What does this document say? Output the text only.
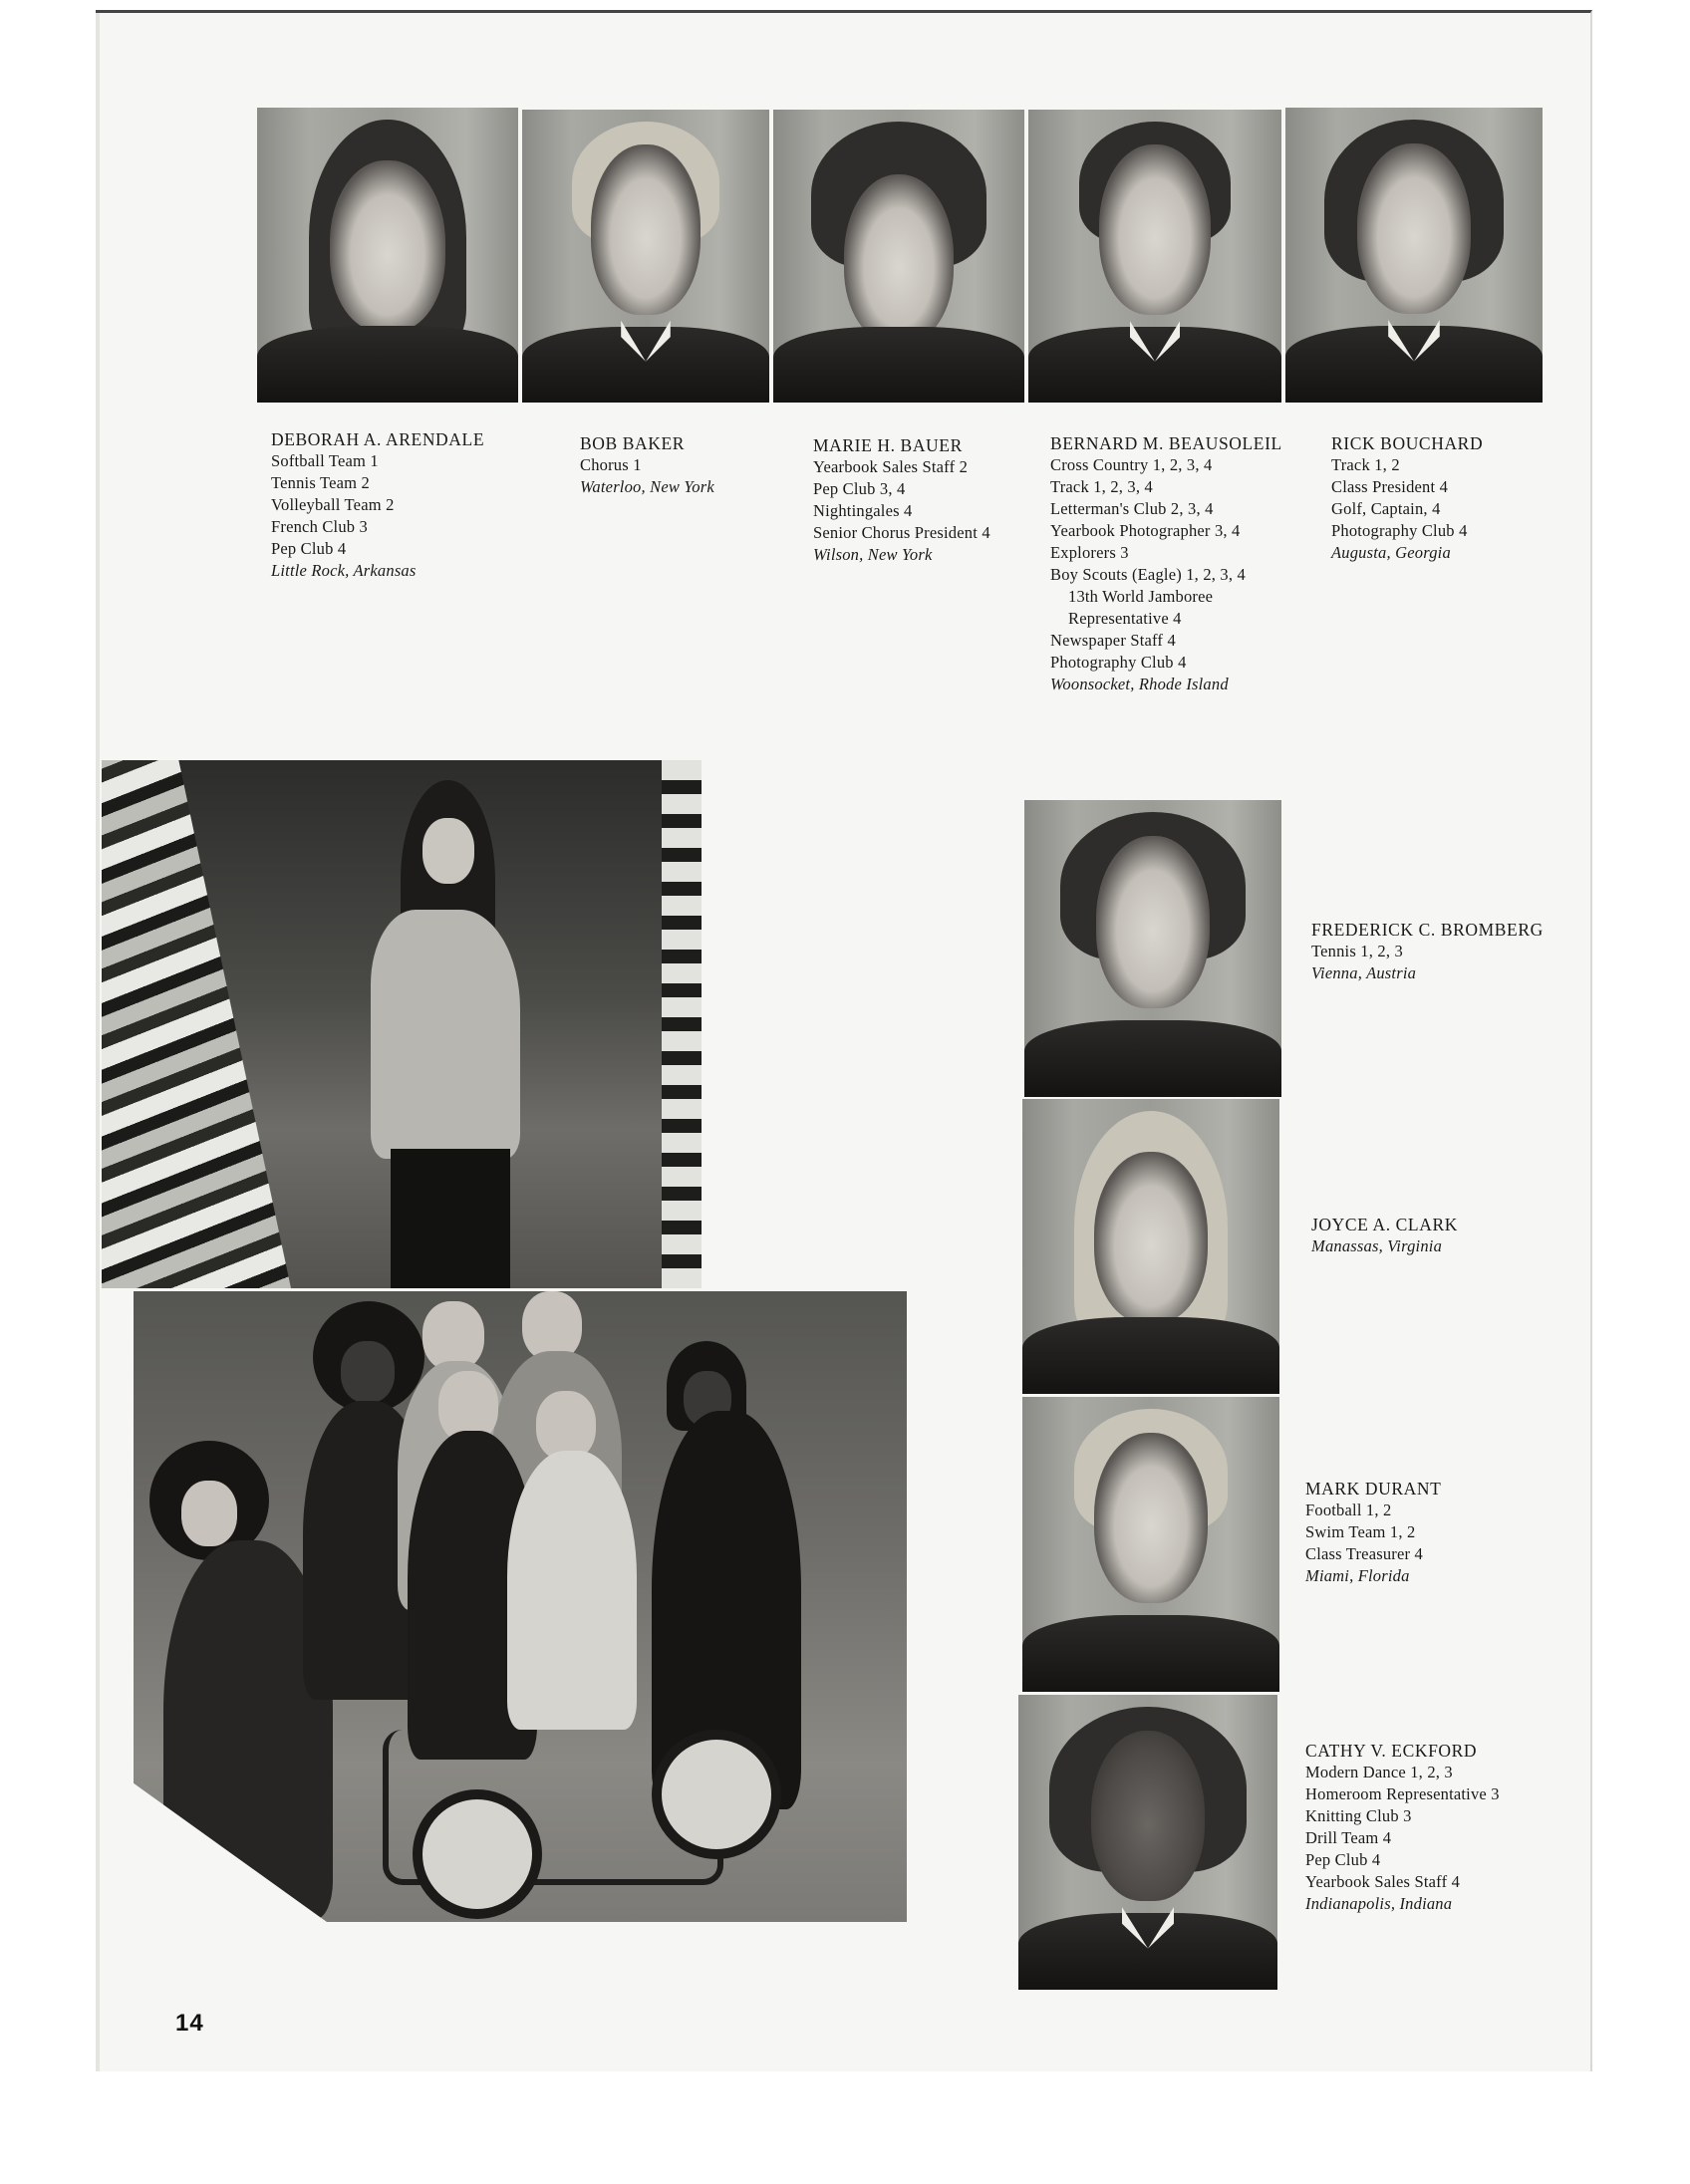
DEBORAH A. ARENDALE
Softball Team 1
Tennis Team 2
Volleyball Team 2
French Club 3
Pep Club 4
Little Rock, Arkansas
BOB BAKER
Chorus 1
Waterloo, New York
MARIE H. BAUER
Yearbook Sales Staff 2
Pep Club 3, 4
Nightingales 4
Senior Chorus President 4
Wilson, New York
BERNARD M. BEAUSOLEIL
Cross Country 1, 2, 3, 4
Track 1, 2, 3, 4
Letterman's Club 2, 3, 4
Yearbook Photographer 3, 4
Explorers 3
Boy Scouts (Eagle) 1, 2, 3, 4
13th World Jamboree
Representative 4
Newspaper Staff 4
Photography Club 4
Woonsocket, Rhode Island
RICK BOUCHARD
Track 1, 2
Class President 4
Golf, Captain, 4
Photography Club 4
Augusta, Georgia
FREDERICK C. BROMBERG
Tennis 1, 2, 3
Vienna, Austria
JOYCE A. CLARK
Manassas, Virginia
MARK DURANT
Football 1, 2
Swim Team 1, 2
Class Treasurer 4
Miami, Florida
CATHY V. ECKFORD
Modern Dance 1, 2, 3
Homeroom Representative 3
Knitting Club 3
Drill Team 4
Pep Club 4
Yearbook Sales Staff 4
Indianapolis, Indiana
14
